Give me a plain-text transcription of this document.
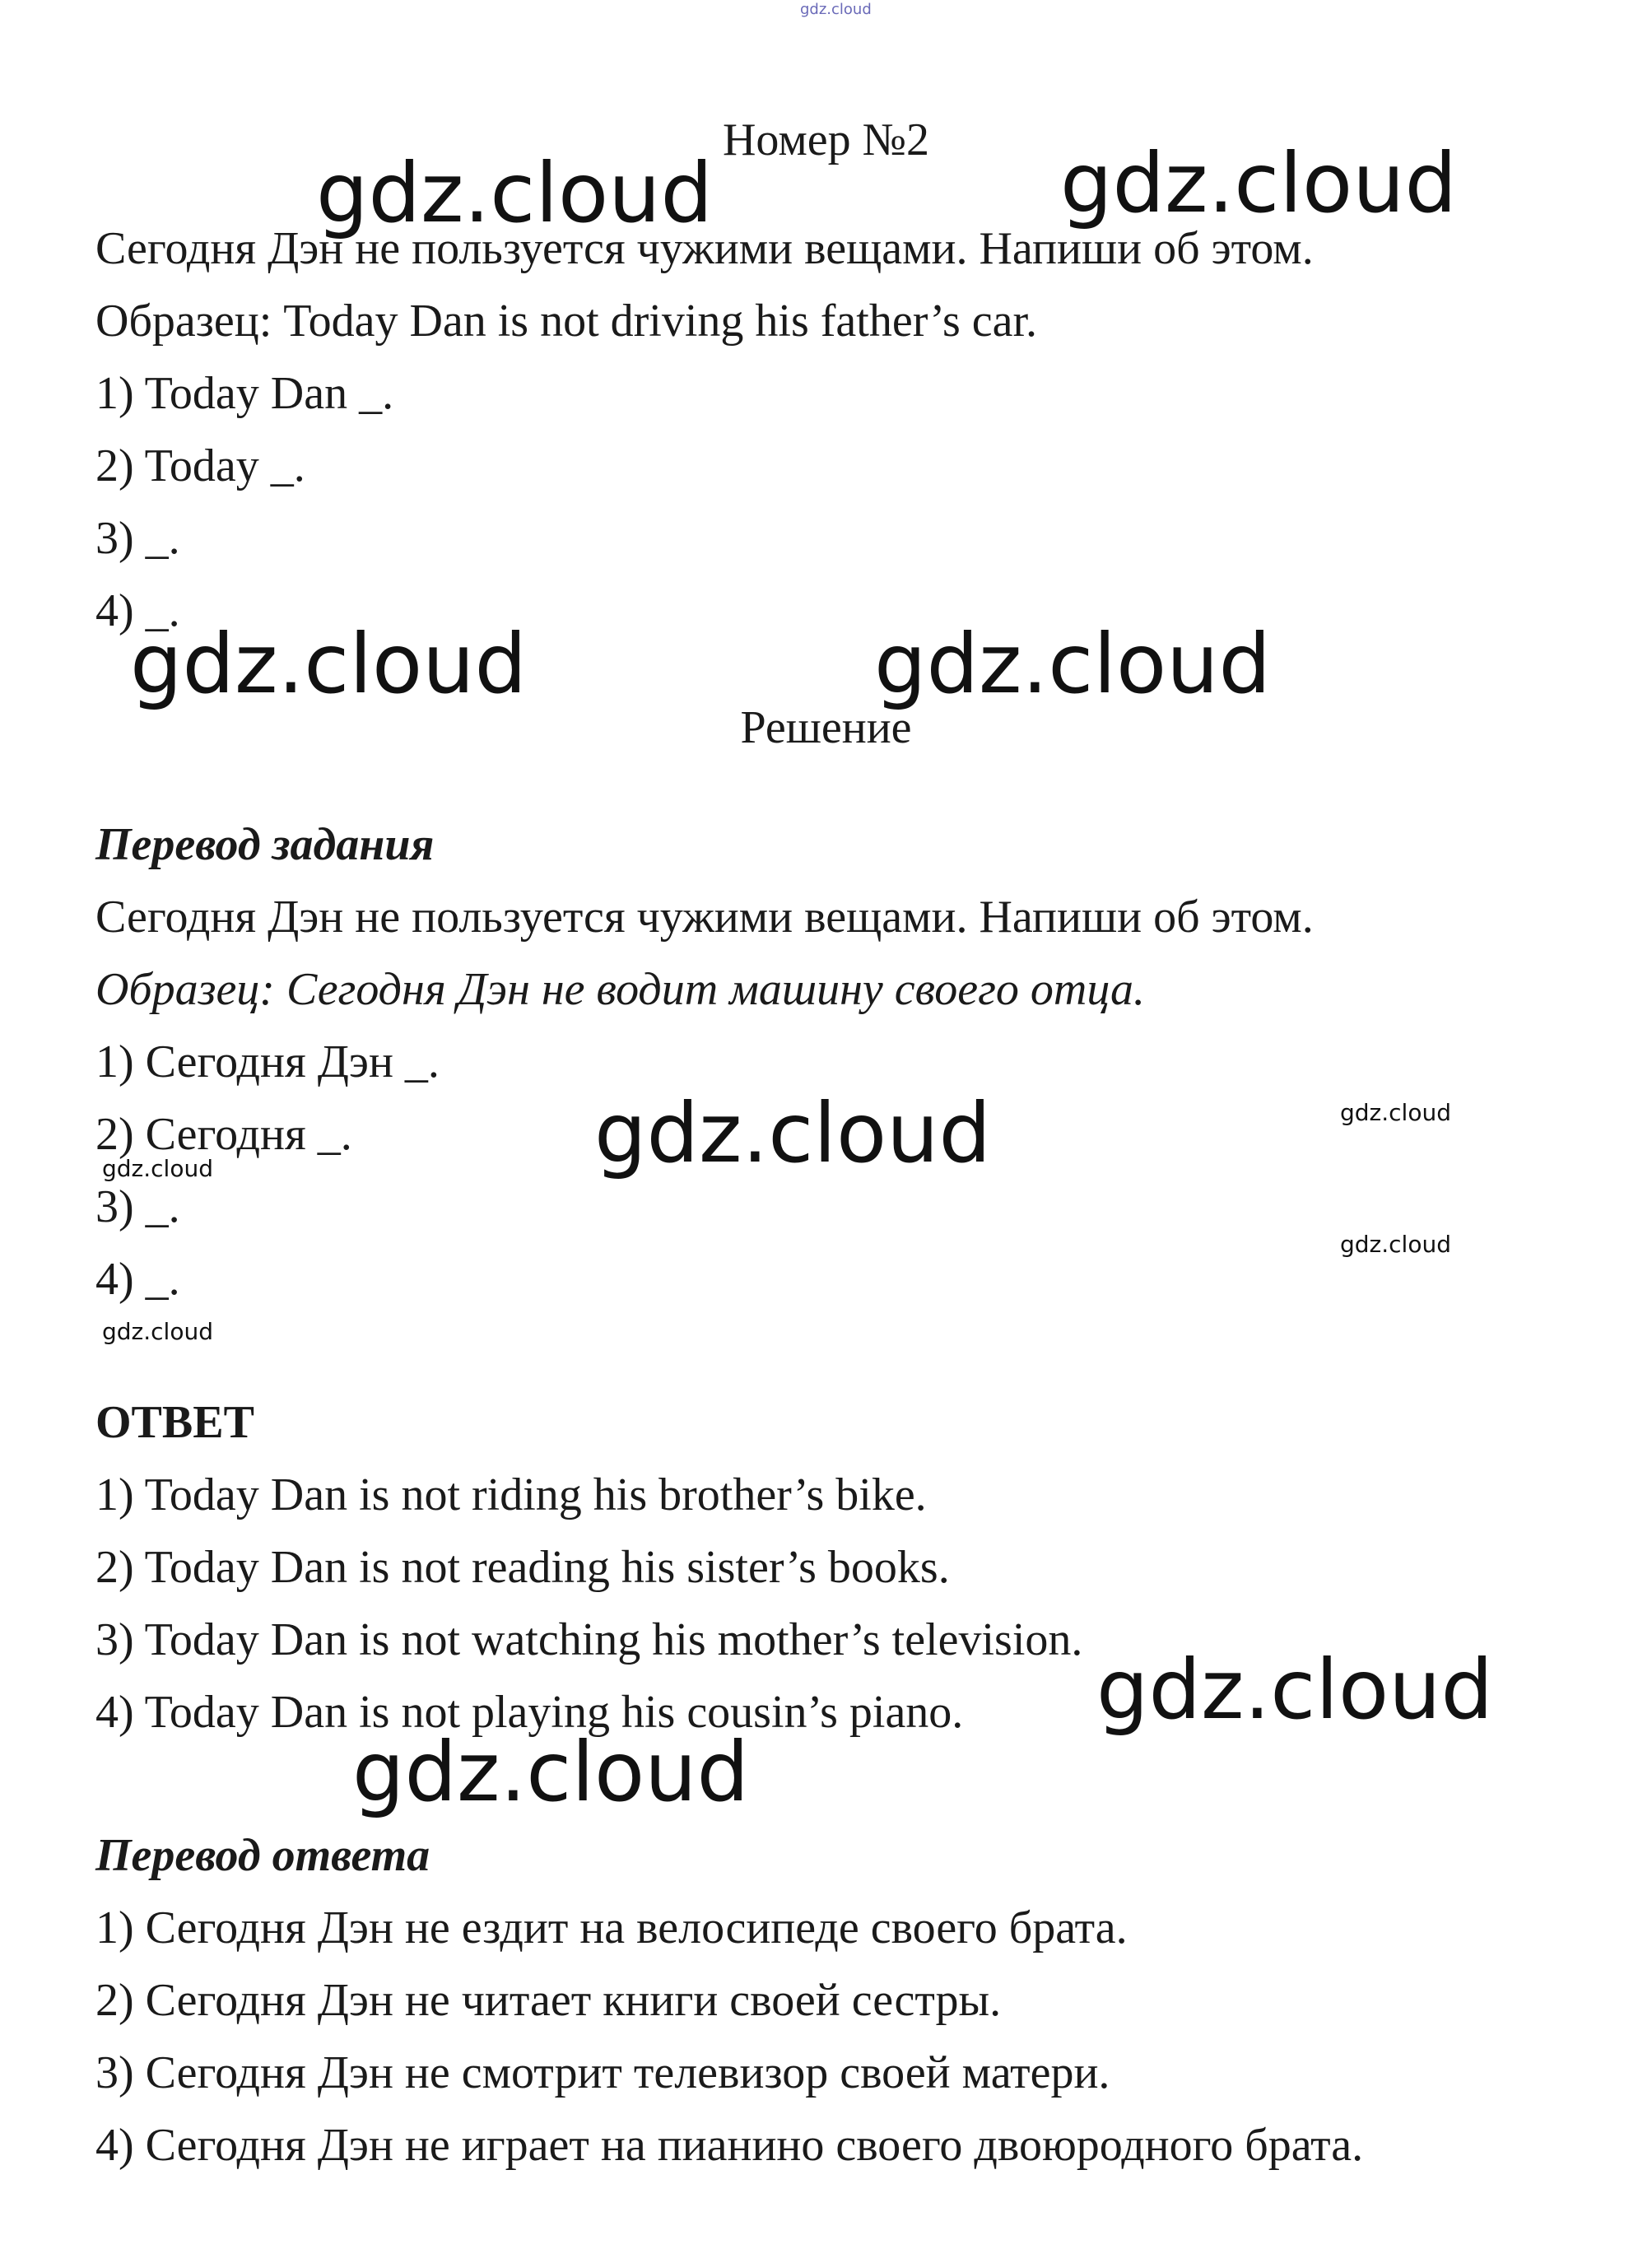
gdz.cloud
Номер №2
Сегодня Дэн не пользуется чужими вещами. Напиши об этом.
Образец: Today Dan is not driving his father’s car.
1) Today Dan _.
2) Today _.
3) _.
4) _.
Решение
Перевод задания
Сегодня Дэн не пользуется чужими вещами. Напиши об этом.
Образец: Сегодня Дэн не водит машину своего отца.
1) Сегодня Дэн _.
2) Сегодня _.
3) _.
4) _.
ОТВЕТ
1) Today Dan is not riding his brother’s bike.
2) Today Dan is not reading his sister’s books.
3) Today Dan is not watching his mother’s television.
4) Today Dan is not playing his cousin’s piano.
Перевод ответа
1) Сегодня Дэн не ездит на велосипеде своего брата.
2) Сегодня Дэн не читает книги своей сестры.
3) Сегодня Дэн не смотрит телевизор своей матери.
4) Сегодня Дэн не играет на пианино своего двоюродного брата.
gdz.cloud	gdz.cloud
gdz.cloud	gdz.cloud
gdz.cloud
gdz.cloud
gdz.cloud
gdz.cloud
gdz.cloud
gdz.cloud
gdz.cloud
